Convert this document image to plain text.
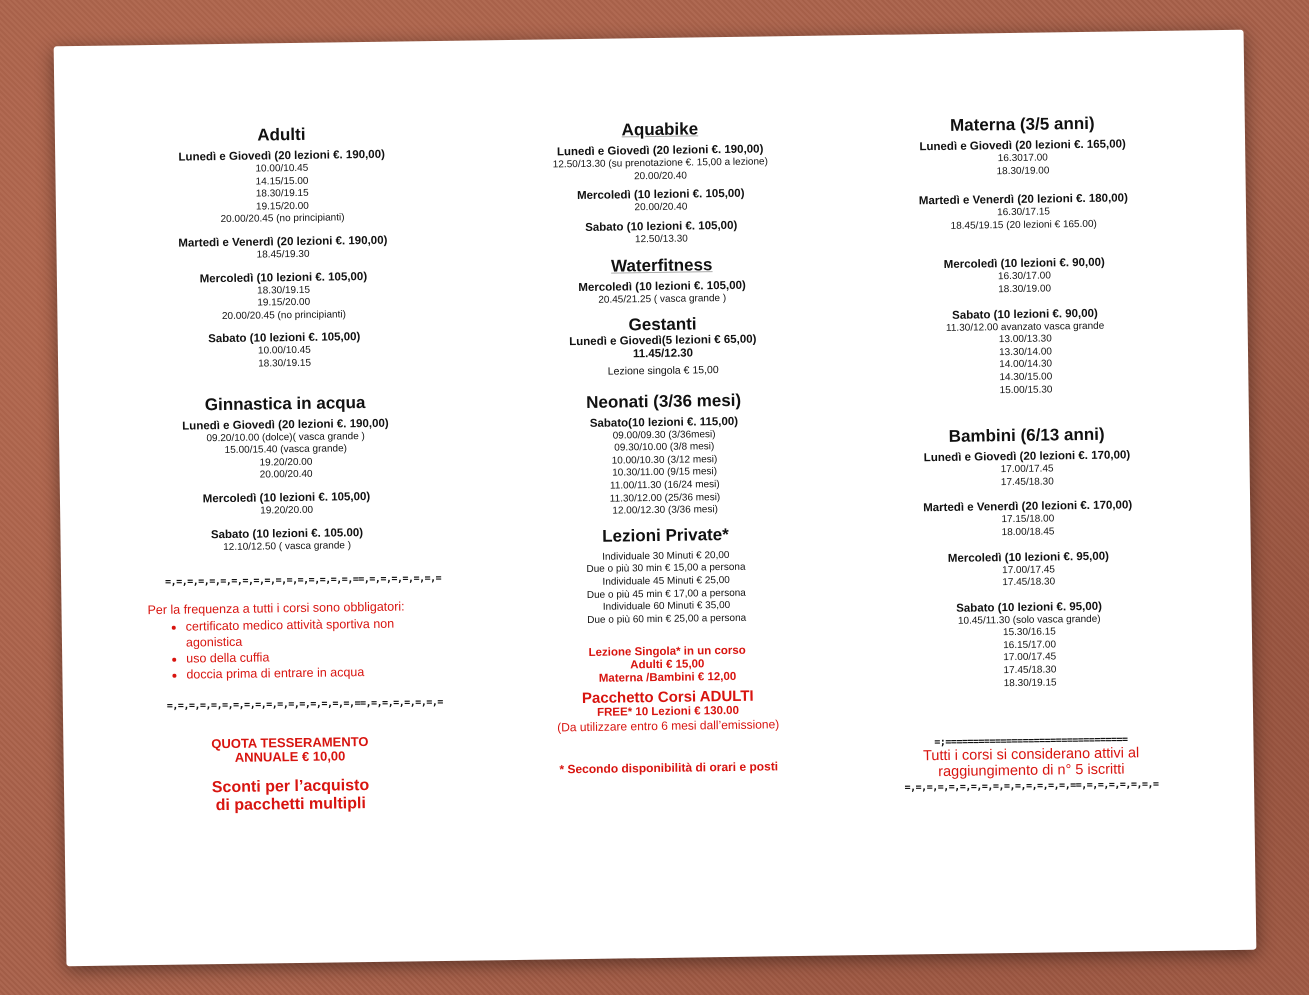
Adulti
Lunedì e Giovedì (20 lezioni €. 190,00)
10.00/10.45
14.15/15.00
18.30/19.15
19.15/20.00
20.00/20.45 (no principianti)
Martedì e Venerdì (20 lezioni €. 190,00)
18.45/19.30
Mercoledì (10 lezioni €. 105,00)
18.30/19.15
19.15/20.00
20.00/20.45 (no principianti)
Sabato (10 lezioni €. 105,00)
10.00/10.45
18.30/19.15
Ginnastica in acqua
Lunedì e Giovedì (20 lezioni €. 190,00)
09.20/10.00 (dolce)( vasca grande )
15.00/15.40 (vasca grande)
19.20/20.00
20.00/20.40
Mercoledì (10 lezioni €. 105,00)
19.20/20.00
Sabato (10 lezioni €. 105.00)
12.10/12.50 ( vasca grande )
=,=,=,=,=,=,=,=,=,=,=,=,=,=,=,=,=,==,=,=,=,=,=,=,=
Per la frequenza a tutti i corsi sono obbligatori:
• certificato medico attività sportiva non agonistica
• uso della cuffia
• doccia prima di entrare in acqua
=,=,=,=,=,=,=,=,=,=,=,=,=,=,=,=,=,==,=,=,=,=,=,=,=
QUOTA TESSERAMENTO
ANNUALE € 10,00
Sconti per l’acquisto
di pacchetti multipli
Aquabike
Lunedì e Giovedì (20 lezioni €. 190,00)
12.50/13.30 (su prenotazione €. 15,00 a lezione)
20.00/20.40
Mercoledì (10 lezioni €. 105,00)
20.00/20.40
Sabato (10 lezioni €. 105,00)
12.50/13.30
Waterfitness
Mercoledì (10 lezioni €. 105,00)
20.45/21.25 ( vasca grande )
Gestanti
Lunedì e Giovedì(5 lezioni € 65,00)
11.45/12.30
Lezione singola € 15,00
Neonati (3/36 mesi)
Sabato(10 lezioni €. 115,00)
09.00/09.30 (3/36mesi)
09.30/10.00 (3/8 mesi)
10.00/10.30 (3/12 mesi)
10.30/11.00 (9/15 mesi)
11.00/11.30 (16/24 mesi)
11.30/12.00 (25/36 mesi)
12.00/12.30 (3/36 mesi)
Lezioni Private*
Individuale 30 Minuti € 20,00
Due o più 30 min € 15,00 a persona
Individuale 45 Minuti € 25,00
Due o più 45 min € 17,00 a persona
Individuale 60 Minuti € 35,00
Due o più 60 min € 25,00 a persona
Lezione Singola* in un corso
Adulti € 15,00
Materna /Bambini € 12,00
Pacchetto Corsi ADULTI
FREE* 10 Lezioni € 130.00
(Da utilizzare entro 6 mesi dall’emissione)
* Secondo disponibilità di orari e posti
Materna (3/5 anni)
Lunedì e Giovedì (20 lezioni €. 165,00)
16.3017.00
18.30/19.00
Martedì e Venerdì (20 lezioni €. 180,00)
16.30/17.15
18.45/19.15 (20 lezioni € 165.00)
Mercoledì (10 lezioni €. 90,00)
16.30/17.00
18.30/19.00
Sabato (10 lezioni €. 90,00)
11.30/12.00 avanzato vasca grande
13.00/13.30
13.30/14.00
14.00/14.30
14.30/15.00
15.00/15.30
Bambini (6/13 anni)
Lunedì e Giovedì (20 lezioni €. 170,00)
17.00/17.45
17.45/18.30
Martedì e Venerdì (20 lezioni €. 170,00)
17.15/18.00
18.00/18.45
Mercoledì (10 lezioni €. 95,00)
17.00/17.45
17.45/18.30
Sabato (10 lezioni €. 95,00)
10.45/11.30 (solo vasca grande)
15.30/16.15
16.15/17.00
17.00/17.45
17.45/18.30
18.30/19.15
=;=================================
Tutti i corsi si considerano attivi al
raggiungimento di n° 5 iscritti
=,=,=,=,=,=,=,=,=,=,=,=,=,=,=,==,=,=,=,=,=,=,=
